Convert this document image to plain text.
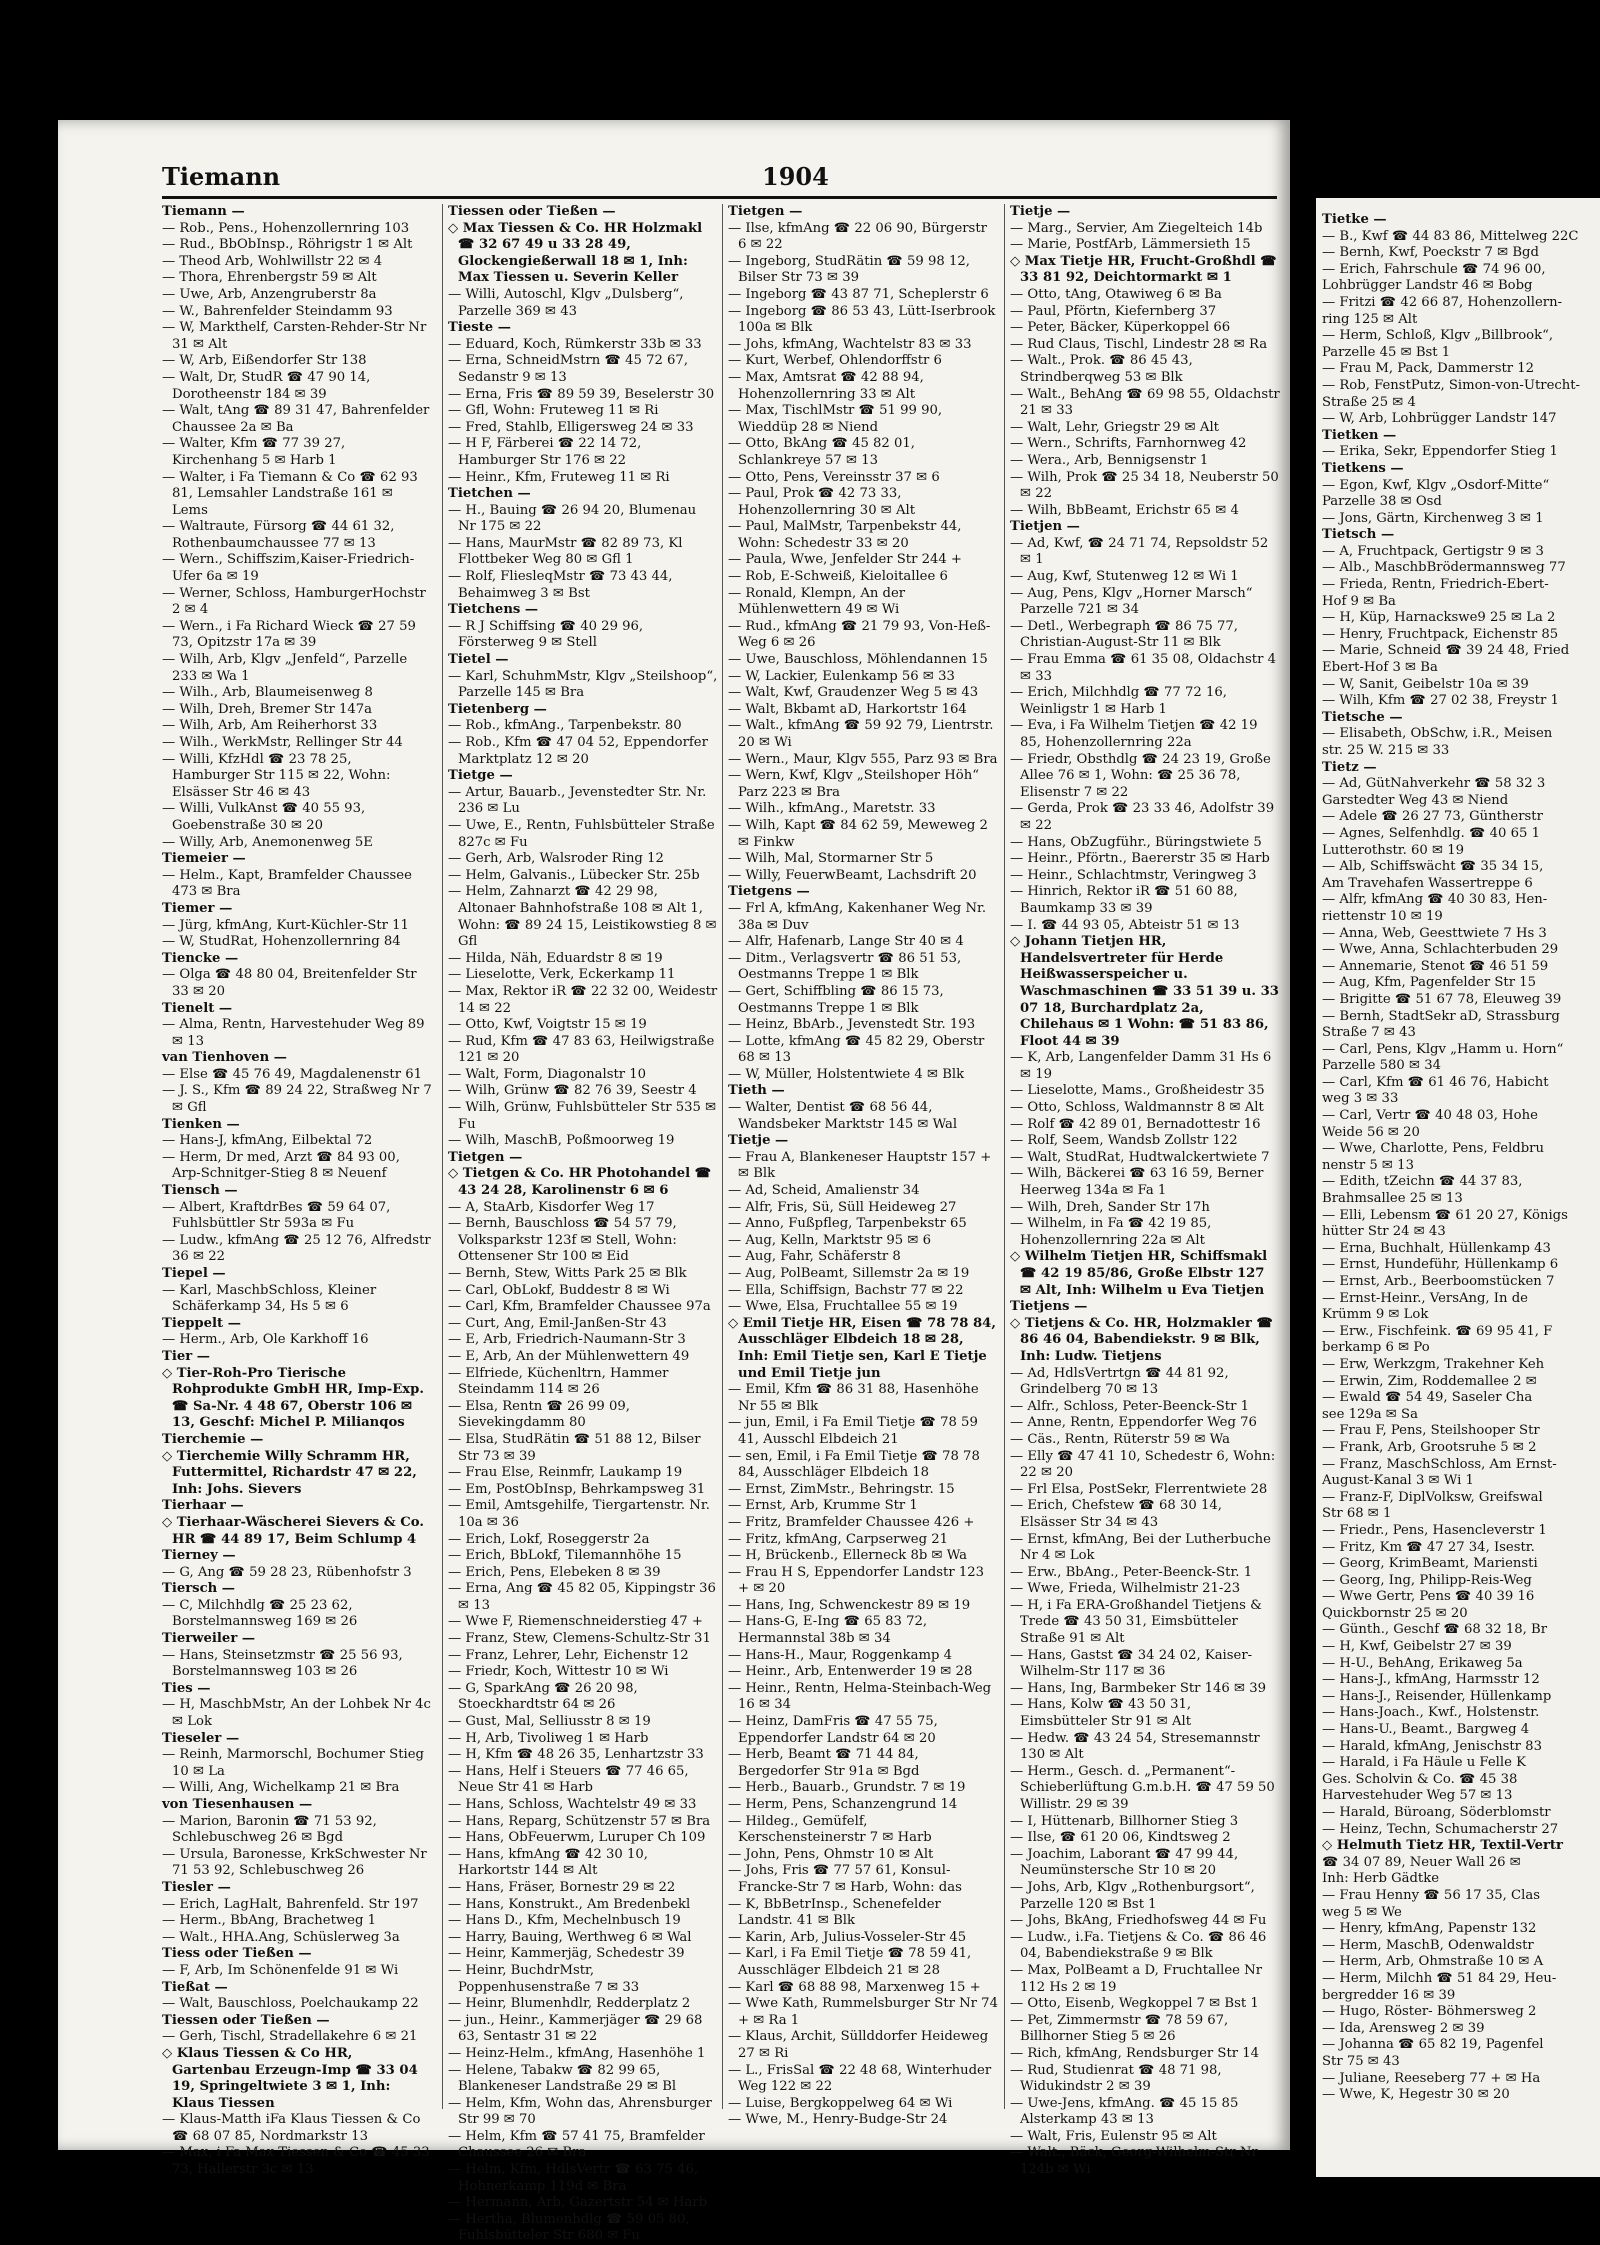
Tiemann	1904

Tiemann —

— Rob., Pens., Hohenzollernring 103

— Rud., BbObInsp., Röhrigstr 1 ✉ Alt

— Theod Arb, Wohlwillstr 22 ✉ 4

— Thora, Ehrenbergstr 59 ✉ Alt

— Uwe, Arb, Anzengruberstr 8a

— W., Bahrenfelder Steindamm 93

— W, Markthelf, Carsten-Rehder-Str Nr 31 ✉ Alt

— W, Arb, Eißendorfer Str 138

— Walt, Dr, StudR ☎ 47 90 14, Dorotheenstr 184 ✉ 39

— Walt, tAng ☎ 89 31 47, Bahrenfelder Chaussee 2a ✉ Ba

— Walter, Kfm ☎ 77 39 27, Kirchenhang 5 ✉ Harb 1

— Walter, i Fa Tiemann & Co ☎ 62 93 81, Lemsahler Landstraße 161 ✉ Lems

— Waltraute, Fürsorg ☎ 44 61 32, Rothenbaumchaussee 77 ✉ 13

— Wern., Schiffszim,Kaiser-Friedrich-Ufer 6a ✉ 19

— Werner, Schloss, HamburgerHochstr 2 ✉ 4

— Wern., i Fa Richard Wieck ☎ 27 59 73, Opitzstr 17a ✉ 39

— Wilh, Arb, Klgv „Jenfeld“, Parzelle 233 ✉ Wa 1

— Wilh., Arb, Blaumeisenweg 8

— Wilh, Dreh, Bremer Str 147a

— Wilh, Arb, Am Reiherhorst 33

— Wilh., WerkMstr, Rellinger Str 44

— Willi, KfzHdl ☎ 23 78 25, Hamburger Str 115 ✉ 22, Wohn: Elsässer Str 46 ✉ 43

— Willi, VulkAnst ☎ 40 55 93, Goebenstraße 30 ✉ 20

— Willy, Arb, Anemonenweg 5E

Tiemeier —

— Helm., Kapt, Bramfelder Chaussee 473 ✉ Bra

Tiemer —

— Jürg, kfmAng, Kurt-Küchler-Str 11

— W, StudRat, Hohenzollernring 84

Tiencke —

— Olga ☎ 48 80 04, Breitenfelder Str 33 ✉ 20

Tienelt —

— Alma, Rentn, Harvestehuder Weg 89 ✉ 13

van Tienhoven —

— Else ☎ 45 76 49, Magdalenenstr 61

— J. S., Kfm ☎ 89 24 22, Straßweg Nr 7 ✉ Gfl

Tienken —

— Hans-J, kfmAng, Eilbektal 72

— Herm, Dr med, Arzt ☎ 84 93 00, Arp-Schnitger-Stieg 8 ✉ Neuenf

Tiensch —

— Albert, KraftdrBes ☎ 59 64 07, Fuhlsbüttler Str 593a ✉ Fu

— Ludw., kfmAng ☎ 25 12 76, Alfredstr 36 ✉ 22

Tiepel —

— Karl, MaschbSchloss, Kleiner Schäferkamp 34, Hs 5 ✉ 6

Tieppelt —

— Herm., Arb, Ole Karkhoff 16

Tier —

◇ Tier-Roh-Pro Tierische Rohprodukte GmbH HR, Imp-Exp. ☎ Sa-Nr. 4 48 67, Oberstr 106 ✉ 13, Geschf: Michel P. Milianqos

Tierchemie —

◇ Tierchemie Willy Schramm HR, Futtermittel, Richardstr 47 ✉ 22, Inh: Johs. Sievers

Tierhaar —

◇ Tierhaar-Wäscherei Sievers & Co. HR ☎ 44 89 17, Beim Schlump 4

Tierney —

— G, Ang ☎ 59 28 23, Rübenhofstr 3

Tiersch —

— C, Milchhdlg ☎ 25 23 62, Borstelmannsweg 169 ✉ 26

Tierweiler —

— Hans, Steinsetzmstr ☎ 25 56 93, Borstelmannsweg 103 ✉ 26

Ties —

— H, MaschbMstr, An der Lohbek Nr 4c ✉ Lok

Tieseler —

— Reinh, Marmorschl, Bochumer Stieg 10 ✉ La

— Willi, Ang, Wichelkamp 21 ✉ Bra

von Tiesenhausen —

— Marion, Baronin ☎ 71 53 92, Schlebuschweg 26 ✉ Bgd

— Ursula, Baronesse, KrkSchwester Nr 71 53 92, Schlebuschweg 26

Tiesler —

— Erich, LagHalt, Bahrenfeld. Str 197

— Herm., BbAng, Brachetweg 1

— Walt., HHA.Ang, Schüslerweg 3a

Tiess oder Tießen —

— F, Arb, Im Schönenfelde 91 ✉ Wi

Tießat —

— Walt, Bauschloss, Poelchaukamp 22

Tiessen oder Tießen —

— Gerh, Tischl, Stradellakehre 6 ✉ 21

◇ Klaus Tiessen & Co HR, Gartenbau Erzeugn-Imp ☎ 33 04 19, Springeltwiete 3 ✉ 1, Inh: Klaus Tiessen

— Klaus-Matth iFa Klaus Tiessen & Co ☎ 68 07 85, Nordmarkstr 13

— Max, i Fa Max Tiessen & Co ☎ 45 33 73, Hallerstr 3c ✉ 13

Tiessen oder Tießen —

◇ Max Tiessen & Co. HR Holzmakl ☎ 32 67 49 u 33 28 49, Glockengießerwall 18 ✉ 1, Inh: Max Tiessen u. Severin Keller

— Willi, Autoschl, Klgv „Dulsberg“, Parzelle 369 ✉ 43

Tieste —

— Eduard, Koch, Rümkerstr 33b ✉ 33

— Erna, SchneidMstrn ☎ 45 72 67, Sedanstr 9 ✉ 13

— Erna, Fris ☎ 89 59 39, Beselerstr 30

— Gfl, Wohn: Fruteweg 11 ✉ Ri

— Fred, Stahlb, Elligersweg 24 ✉ 33

— H F, Färberei ☎ 22 14 72, Hamburger Str 176 ✉ 22

— Heinr., Kfm, Fruteweg 11 ✉ Ri

Tietchen —

— H., Bauing ☎ 26 94 20, Blumenau Nr 175 ✉ 22

— Hans, MaurMstr ☎ 82 89 73, Kl Flottbeker Weg 80 ✉ Gfl 1

— Rolf, FliesleqMstr ☎ 73 43 44, Behaimweg 3 ✉ Bst

Tietchens —

— R J Schiffsing ☎ 40 29 96, Försterweg 9 ✉ Stell

Tietel —

— Karl, SchuhmMstr, Klgv „Steilshoop“, Parzelle 145 ✉ Bra

Tietenberg —

— Rob., kfmAng., Tarpenbekstr. 80

— Rob., Kfm ☎ 47 04 52, Eppendorfer Marktplatz 12 ✉ 20

Tietge —

— Artur, Bauarb., Jevenstedter Str. Nr. 236 ✉ Lu

— Uwe, E., Rentn, Fuhlsbütteler Straße 827c ✉ Fu

— Gerh, Arb, Walsroder Ring 12

— Helm, Galvanis., Lübecker Str. 25b

— Helm, Zahnarzt ☎ 42 29 98, Altonaer Bahnhofstraße 108 ✉ Alt 1, Wohn: ☎ 89 24 15, Leistikowstieg 8 ✉ Gfl

— Hilda, Näh, Eduardstr 8 ✉ 19

— Lieselotte, Verk, Eckerkamp 11

— Max, Rektor iR ☎ 22 32 00, Weidestr 14 ✉ 22

— Otto, Kwf, Voigtstr 15 ✉ 19

— Rud, Kfm ☎ 47 83 63, Heilwigstraße 121 ✉ 20

— Walt, Form, Diagonalstr 10

— Wilh, Grünw ☎ 82 76 39, Seestr 4

— Wilh, Grünw, Fuhlsbütteler Str 535 ✉ Fu

— Wilh, MaschB, Poßmoorweg 19

Tietgen —

◇ Tietgen & Co. HR Photohandel ☎ 43 24 28, Karolinenstr 6 ✉ 6

— A, StaArb, Kisdorfer Weg 17

— Bernh, Bauschloss ☎ 54 57 79, Volksparkstr 123f ✉ Stell, Wohn: Ottensener Str 100 ✉ Eid

— Bernh, Stew, Witts Park 25 ✉ Blk

— Carl, ObLokf, Buddestr 8 ✉ Wi

— Carl, Kfm, Bramfelder Chaussee 97a

— Curt, Ang, Emil-Janßen-Str 43

— E, Arb, Friedrich-Naumann-Str 3

— E, Arb, An der Mühlenwettern 49

— Elfriede, Küchenltrn, Hammer Steindamm 114 ✉ 26

— Elsa, Rentn ☎ 26 99 09, Sievekingdamm 80

— Elsa, StudRätin ☎ 51 88 12, Bilser Str 73 ✉ 39

— Frau Else, Reinmfr, Laukamp 19

— Em, PostObInsp, Behrkampsweg 31

— Emil, Amtsgehilfe, Tiergartenstr. Nr. 10a ✉ 36

— Erich, Lokf, Roseggerstr 2a

— Erich, BbLokf, Tilemannhöhe 15

— Erich, Pens, Elebeken 8 ✉ 39

— Erna, Ang ☎ 45 82 05, Kippingstr 36 ✉ 13

— Wwe F, Riemenschneiderstieg 47 +

— Franz, Stew, Clemens-Schultz-Str 31

— Franz, Lehrer, Lehr, Eichenstr 12

— Friedr, Koch, Wittestr 10 ✉ Wi

— G, SparkAng ☎ 26 20 98, Stoeckhardtstr 64 ✉ 26

— Gust, Mal, Selliusstr 8 ✉ 19

— H, Arb, Tivoliweg 1 ✉ Harb

— H, Kfm ☎ 48 26 35, Lenhartzstr 33

— Hans, Helf i Steuers ☎ 77 46 65, Neue Str 41 ✉ Harb

— Hans, Schloss, Wachtelstr 49 ✉ 33

— Hans, Reparg, Schützenstr 57 ✉ Bra

— Hans, ObFeuerwm, Luruper Ch 109

— Hans, kfmAng ☎ 42 30 10, Harkortstr 144 ✉ Alt

— Hans, Fräser, Bornestr 29 ✉ 22

— Hans, Konstrukt., Am Bredenbekl

— Hans D., Kfm, Mechelnbusch 19

— Harry, Bauing, Werthweg 6 ✉ Wal

— Heinr, Kammerjäg, Schedestr 39

— Heinr, BuchdrMstr, Poppenhusenstraße 7 ✉ 33

— Heinr, Blumenhdlr, Redderplatz 2

— jun., Heinr., Kammerjäger ☎ 29 68 63, Sentastr 31 ✉ 22

— Heinz-Helm., kfmAng, Hasenhöhe 1

— Helene, Tabakw ☎ 82 99 65, Blankeneser Landstraße 29 ✉ Bl

— Helm, Kfm, Wohn das, Ahrensburger Str 99 ✉ 70

— Helm, Kfm ☎ 57 41 75, Bramfelder Chaussee 26 ✉ Bra

— Helm, Kfm, HdlsVertr ☎ 63 75 46, Hohnerkamp 119d ✉ Bra

— Hermann, Arb, Gazertstr 54 ✉ Harb

— Hertha, Blumenhdlg ☎ 59 05 80, Fuhlsbütteler Str 680 ✉ Fu

Tietgen —

— Ilse, kfmAng ☎ 22 06 90, Bürgerstr 6 ✉ 22

— Ingeborg, StudRätin ☎ 59 98 12, Bilser Str 73 ✉ 39

— Ingeborg ☎ 43 87 71, Scheplerstr 6

— Ingeborg ☎ 86 53 43, Lütt-Iserbrook 100a ✉ Blk

— Johs, kfmAng, Wachtelstr 83 ✉ 33

— Kurt, Werbef, Ohlendorffstr 6

— Max, Amtsrat ☎ 42 88 94, Hohenzollernring 33 ✉ Alt

— Max, TischlMstr ☎ 51 99 90, Wieddüp 28 ✉ Niend

— Otto, BkAng ☎ 45 82 01, Schlankreye 57 ✉ 13

— Otto, Pens, Vereinsstr 37 ✉ 6

— Paul, Prok ☎ 42 73 33, Hohenzollernring 30 ✉ Alt

— Paul, MalMstr, Tarpenbekstr 44, Wohn: Schedestr 33 ✉ 20

— Paula, Wwe, Jenfelder Str 244 +

— Rob, E-Schweiß, Kieloitallee 6

— Ronald, Klempn, An der Mühlenwettern 49 ✉ Wi

— Rud., kfmAng ☎ 21 79 93, Von-Heß-Weg 6 ✉ 26

— Uwe, Bauschloss, Möhlendannen 15

— W, Lackier, Eulenkamp 56 ✉ 33

— Walt, Kwf, Graudenzer Weg 5 ✉ 43

— Walt, Bkbamt aD, Harkortstr 164

— Walt., kfmAng ☎ 59 92 79, Lientrstr. 20 ✉ Wi

— Wern., Maur, Klgv 555, Parz 93 ✉ Bra

— Wern, Kwf, Klgv „Steilshoper Höh“ Parz 223 ✉ Bra

— Wilh., kfmAng., Maretstr. 33

— Wilh, Kapt ☎ 84 62 59, Meweweg 2 ✉ Finkw

— Wilh, Mal, Stormarner Str 5

— Willy, FeuerwBeamt, Lachsdrift 20

Tietgens —

— Frl A, kfmAng, Kakenhaner Weg Nr. 38a ✉ Duv

— Alfr, Hafenarb, Lange Str 40 ✉ 4

— Ditm., Verlagsvertr ☎ 86 51 53, Oestmanns Treppe 1 ✉ Blk

— Gert, Schiffbling ☎ 86 15 73, Oestmanns Treppe 1 ✉ Blk

— Heinz, BbArb., Jevenstedt Str. 193

— Lotte, kfmAng ☎ 45 82 29, Oberstr 68 ✉ 13

— W, Müller, Holstentwiete 4 ✉ Blk

Tieth —

— Walter, Dentist ☎ 68 56 44, Wandsbeker Marktstr 145 ✉ Wal

Tietje —

— Frau A, Blankeneser Hauptstr 157 + ✉ Blk

— Ad, Scheid, Amalienstr 34

— Alfr, Fris, Sü, Süll Heideweg 27

— Anno, Fußpfleg, Tarpenbekstr 65

— Aug, Kelln, Marktstr 95 ✉ 6

— Aug, Fahr, Schäferstr 8

— Aug, PolBeamt, Sillemstr 2a ✉ 19

— Ella, Schiffsign, Bachstr 77 ✉ 22

— Wwe, Elsa, Fruchtallee 55 ✉ 19

◇ Emil Tietje HR, Eisen ☎ 78 78 84, Ausschläger Elbdeich 18 ✉ 28, Inh: Emil Tietje sen, Karl E Tietje und Emil Tietje jun

— Emil, Kfm ☎ 86 31 88, Hasenhöhe Nr 55 ✉ Blk

— jun, Emil, i Fa Emil Tietje ☎ 78 59 41, Ausschl Elbdeich 21

— sen, Emil, i Fa Emil Tietje ☎ 78 78 84, Ausschläger Elbdeich 18

— Ernst, ZimMstr., Behringstr. 15

— Ernst, Arb, Krumme Str 1

— Fritz, Bramfelder Chaussee 426 +

— Fritz, kfmAng, Carpserweg 21

— H, Brückenb., Ellerneck 8b ✉ Wa

— Frau H S, Eppendorfer Landstr 123 + ✉ 20

— Hans, Ing, Schwenckestr 89 ✉ 19

— Hans-G, E-Ing ☎ 65 83 72, Hermannstal 38b ✉ 34

— Hans-H., Maur, Roggenkamp 4

— Heinr., Arb, Entenwerder 19 ✉ 28

— Heinr., Rentn, Helma-Steinbach-Weg 16 ✉ 34

— Heinz, DamFris ☎ 47 55 75, Eppendorfer Landstr 64 ✉ 20

— Herb, Beamt ☎ 71 44 84, Bergedorfer Str 91a ✉ Bgd

— Herb., Bauarb., Grundstr. 7 ✉ 19

— Herm, Pens, Schanzengrund 14

— Hildeg., Gemüfelf, Kerschensteinerstr 7 ✉ Harb

— John, Pens, Ohmstr 10 ✉ Alt

— Johs, Fris ☎ 77 57 61, Konsul-Francke-Str 7 ✉ Harb, Wohn: das

— K, BbBetrInsp., Schenefelder Landstr. 41 ✉ Blk

— Karin, Arb, Julius-Vosseler-Str 45

— Karl, i Fa Emil Tietje ☎ 78 59 41, Ausschläger Elbdeich 21 ✉ 28

— Karl ☎ 68 88 98, Marxenweg 15 +

— Wwe Kath, Rummelsburger Str Nr 74 + ✉ Ra 1

— Klaus, Archit, Süllddorfer Heideweg 27 ✉ Ri

— L., FrisSal ☎ 22 48 68, Winterhuder Weg 122 ✉ 22

— Luise, Bergkoppelweg 64 ✉ Wi

— Wwe, M., Henry-Budge-Str 24

Tietje —

— Marg., Servier, Am Ziegelteich 14b

— Marie, PostfArb, Lämmersieth 15

◇ Max Tietje HR, Frucht-Großhdl ☎ 33 81 92, Deichtormarkt ✉ 1

— Otto, tAng, Otawiweg 6 ✉ Ba

— Paul, Pförtn, Kiefernberg 37

— Peter, Bäcker, Küperkoppel 66

— Rud Claus, Tischl, Lindestr 28 ✉ Ra

— Walt., Prok. ☎ 86 45 43, Strindberqweg 53 ✉ Blk

— Walt., BehAng ☎ 69 98 55, Oldachstr 21 ✉ 33

— Walt, Lehr, Griegstr 29 ✉ Alt

— Wern., Schrifts, Farnhornweg 42

— Wera., Arb, Bennigsenstr 1

— Wilh, Prok ☎ 25 34 18, Neuberstr 50 ✉ 22

— Wilh, BbBeamt, Erichstr 65 ✉ 4

Tietjen —

— Ad, Kwf, ☎ 24 71 74, Repsoldstr 52 ✉ 1

— Aug, Kwf, Stutenweg 12 ✉ Wi 1

— Aug, Pens, Klgv „Horner Marsch“ Parzelle 721 ✉ 34

— Detl., Werbegraph ☎ 86 75 77, Christian-August-Str 11 ✉ Blk

— Frau Emma ☎ 61 35 08, Oldachstr 4 ✉ 33

— Erich, Milchhdlg ☎ 77 72 16, Weinligstr 1 ✉ Harb 1

— Eva, i Fa Wilhelm Tietjen ☎ 42 19 85, Hohenzollernring 22a

— Friedr, Obsthdlg ☎ 24 23 19, Große Allee 76 ✉ 1, Wohn: ☎ 25 36 78, Elisenstr 7 ✉ 22

— Gerda, Prok ☎ 23 33 46, Adolfstr 39 ✉ 22

— Hans, ObZugführ., Büringstwiete 5

— Heinr., Pförtn., Baererstr 35 ✉ Harb

— Heinr., Schlachtmstr, Veringweg 3

— Hinrich, Rektor iR ☎ 51 60 88, Baumkamp 33 ✉ 39

— I. ☎ 44 93 05, Abteistr 51 ✉ 13

◇ Johann Tietjen HR, Handelsvertreter für Herde Heißwasserspeicher u. Waschmaschinen ☎ 33 51 39 u. 33 07 18, Burchardplatz 2a, Chilehaus ✉ 1 Wohn: ☎ 51 83 86, Floot 44 ✉ 39

— K, Arb, Langenfelder Damm 31 Hs 6 ✉ 19

— Lieselotte, Mams., Großheidestr 35

— Otto, Schloss, Waldmannstr 8 ✉ Alt

— Rolf ☎ 42 89 01, Bernadottestr 16

— Rolf, Seem, Wandsb Zollstr 122

— Walt, StudRat, Hudtwalckertwiete 7

— Wilh, Bäckerei ☎ 63 16 59, Berner Heerweg 134a ✉ Fa 1

— Wilh, Dreh, Sander Str 17h

— Wilhelm, in Fa ☎ 42 19 85, Hohenzollernring 22a ✉ Alt

◇ Wilhelm Tietjen HR, Schiffsmakl ☎ 42 19 85/86, Große Elbstr 127 ✉ Alt, Inh: Wilhelm u Eva Tietjen

Tietjens —

◇ Tietjens & Co. HR, Holzmakler ☎ 86 46 04, Babendiekstr. 9 ✉ Blk, Inh: Ludw. Tietjens

— Ad, HdlsVertrtgn ☎ 44 81 92, Grindelberg 70 ✉ 13

— Alfr., Schloss, Peter-Beenck-Str 1

— Anne, Rentn, Eppendorfer Weg 76

— Cäs., Rentn, Rüterstr 59 ✉ Wa

— Elly ☎ 47 41 10, Schedestr 6, Wohn: 22 ✉ 20

— Frl Elsa, PostSekr, Flerrentwiete 28

— Erich, Chefstew ☎ 68 30 14, Elsässer Str 34 ✉ 43

— Ernst, kfmAng, Bei der Lutherbuche Nr 4 ✉ Lok

— Erw., BbAng., Peter-Beenck-Str. 1

— Wwe, Frieda, Wilhelmistr 21-23

— H, i Fa ERA-Großhandel Tietjens & Trede ☎ 43 50 31, Eimsbütteler Straße 91 ✉ Alt

— Hans, Gastst ☎ 34 24 02, Kaiser-Wilhelm-Str 117 ✉ 36

— Hans, Ing, Barmbeker Str 146 ✉ 39

— Hans, Kolw ☎ 43 50 31, Eimsbütteler Str 91 ✉ Alt

— Hedw. ☎ 43 24 54, Stresemannstr 130 ✉ Alt

— Herm., Gesch. d. „Permanent“-Schieberlüftung G.m.b.H. ☎ 47 59 50 Willistr. 29 ✉ 39

— I, Hüttenarb, Billhorner Stieg 3

— Ilse, ☎ 61 20 06, Kindtsweg 2

— Joachim, Laborant ☎ 47 99 44, Neumünstersche Str 10 ✉ 20

— Johs, Arb, Klgv „Rothenburgsort“, Parzelle 120 ✉ Bst 1

— Johs, BkAng, Friedhofsweg 44 ✉ Fu

— Ludw., i.Fa. Tietjens & Co. ☎ 86 46 04, Babendiekstraße 9 ✉ Blk

— Max, PolBeamt a D, Fruchtallee Nr 112 Hs 2 ✉ 19

— Otto, Eisenb, Wegkoppel 7 ✉ Bst 1

— Pet, Zimmermstr ☎ 78 59 67, Billhorner Stieg 5 ✉ 26

— Rich, kfmAng, Rendsburger Str 14

— Rud, Studienrat ☎ 48 71 98, Widukindstr 2 ✉ 39

— Uwe-Jens, kfmAng. ☎ 45 15 85 Alsterkamp 43 ✉ 13

— Walt, Fris, Eulenstr 95 ✉ Alt

— Walt., Bäck, Georg-Wilhelm-Str Nr 124b ✉ Wi

Tietke —

— B., Kwf ☎ 44 83 86, Mittelweg 22C

— Bernh, Kwf, Poeckstr 7 ✉ Bgd

— Erich, Fahrschule ☎ 74 96 00,

Lohbrügger Landstr 46 ✉ Bobg

— Fritzi ☎ 42 66 87, Hohenzollern-

ring 125 ✉ Alt

— Herm, Schloß, Klgv „Billbrook“,

Parzelle 45 ✉ Bst 1

— Frau M, Pack, Dammerstr 12

— Rob, FenstPutz, Simon-von-Utrecht-

Straße 25 ✉ 4

— W, Arb, Lohbrügger Landstr 147

Tietken —

— Erika, Sekr, Eppendorfer Stieg 1

Tietkens —

— Egon, Kwf, Klgv „Osdorf-Mitte“

Parzelle 38 ✉ Osd

— Jons, Gärtn, Kirchenweg 3 ✉ 1

Tietsch —

— A, Fruchtpack, Gertigstr 9 ✉ 3

— Alb., MaschbBrödermannsweg 77

— Frieda, Rentn, Friedrich-Ebert-

Hof 9 ✉ Ba

— H, Küp, Harnackswe9 25 ✉ La 2

— Henry, Fruchtpack, Eichenstr 85

— Marie, Schneid ☎ 39 24 48, Fried

Ebert-Hof 3 ✉ Ba

— W, Sanit, Geibelstr 10a ✉ 39

— Wilh, Kfm ☎ 27 02 38, Freystr 1

Tietsche —

— Elisabeth, ObSchw, i.R., Meisen

str. 25 W. 215 ✉ 33

Tietz —

— Ad, GütNahverkehr ☎ 58 32 3

Garstedter Weg 43 ✉ Niend

— Adele ☎ 26 27 73, Güntherstr

— Agnes, Selfenhdlg. ☎ 40 65 1

Lutterothstr. 60 ✉ 19

— Alb, Schiffswächt ☎ 35 34 15,

Am Travehafen Wassertreppe 6

— Alfr, kfmAng ☎ 40 30 83, Hen-

riettenstr 10 ✉ 19

— Anna, Web, Geesttwiete 7 Hs 3

— Wwe, Anna, Schlachterbuden 29

— Annemarie, Stenot ☎ 46 51 59

— Aug, Kfm, Pagenfelder Str 15

— Brigitte ☎ 51 67 78, Eleuweg 39

— Bernh, StadtSekr aD, Strassburg

Straße 7 ✉ 43

— Carl, Pens, Klgv „Hamm u. Horn“

Parzelle 580 ✉ 34

— Carl, Kfm ☎ 61 46 76, Habicht

weg 3 ✉ 33

— Carl, Vertr ☎ 40 48 03, Hohe

Weide 56 ✉ 20

— Wwe, Charlotte, Pens, Feldbru

nenstr 5 ✉ 13

— Edith, tZeichn ☎ 44 37 83,

Brahmsallee 25 ✉ 13

— Elli, Lebensm ☎ 61 20 27, Königs

hütter Str 24 ✉ 43

— Erna, Buchhalt, Hüllenkamp 43

— Ernst, Hundeführ, Hüllenkamp 6

— Ernst, Arb., Beerboomstücken 7

— Ernst-Heinr., VersAng, In de

Krümm 9 ✉ Lok

— Erw., Fischfeink. ☎ 69 95 41, F

berkamp 6 ✉ Po

— Erw, Werkzgm, Trakehner Keh

— Erwin, Zim, Roddemallee 2 ✉

— Ewald ☎ 54 49, Saseler Cha

see 129a ✉ Sa

— Frau F, Pens, Steilshooper Str

— Frank, Arb, Grootsruhe 5 ✉ 2

— Franz, MaschSchloss, Am Ernst-

August-Kanal 3 ✉ Wi 1

— Franz-F, DiplVolksw, Greifswal

Str 68 ✉ 1

— Friedr., Pens, Hasencleverstr 1

— Fritz, Km ☎ 47 27 34, Isestr.

— Georg, KrimBeamt, Mariensti

— Georg, Ing, Philipp-Reis-Weg

— Wwe Gertr, Pens ☎ 40 39 16

Quickbornstr 25 ✉ 20

— Günth., Geschf ☎ 68 32 18, Br

— H, Kwf, Geibelstr 27 ✉ 39

— H-U., BehAng, Erikaweg 5a

— Hans-J., kfmAng, Harmsstr 12

— Hans-J., Reisender, Hüllenkamp

— Hans-Joach., Kwf., Holstenstr.

— Hans-U., Beamt., Bargweg 4

— Harald, kfmAng, Jenischstr 83

— Harald, i Fa Häule u Felle K

Ges. Scholvin & Co. ☎ 45 38

Harvestehuder Weg 57 ✉ 13

— Harald, Büroang, Söderblomstr

— Heinz, Techn, Schumacherstr 27

◇ Helmuth Tietz HR, Textil-Vertr

☎ 34 07 89, Neuer Wall 26 ✉

Inh: Herb Gädtke

— Frau Henny ☎ 56 17 35, Clas

weg 5 ✉ We

— Henry, kfmAng, Papenstr 132

— Herm, MaschB, Odenwaldstr

— Herm, Arb, Ohmstraße 10 ✉ A

— Herm, Milchh ☎ 51 84 29, Heu-

bergredder 16 ✉ 39

— Hugo, Röster- Böhmersweg 2

— Ida, Arensweg 2 ✉ 39

— Johanna ☎ 65 82 19, Pagenfel

Str 75 ✉ 43

— Juliane, Reeseberg 77 + ✉ Ha

— Wwe, K, Hegestr 30 ✉ 20
